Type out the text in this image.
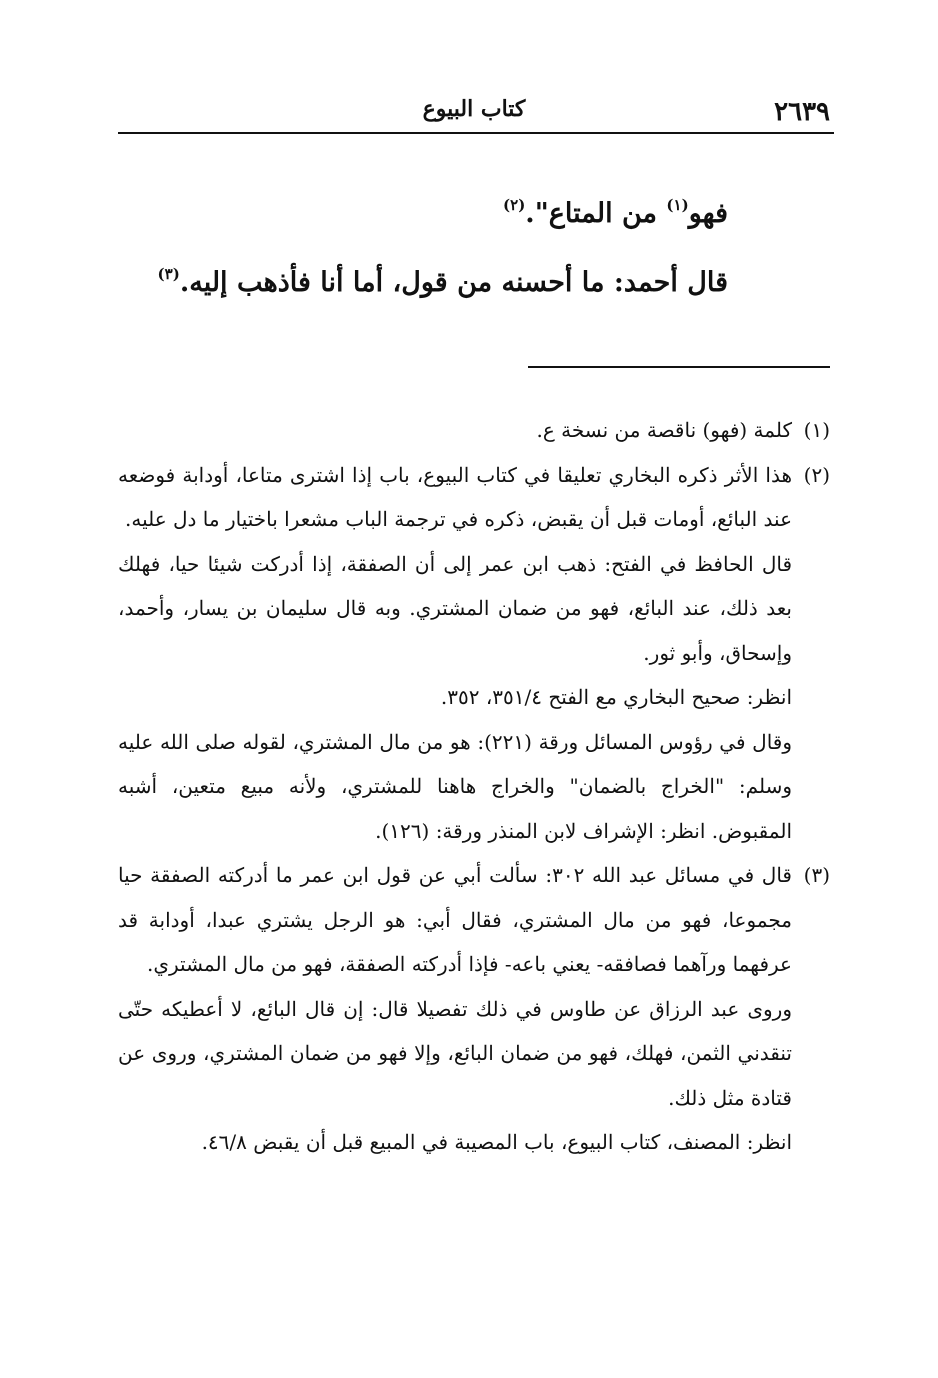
٢٦٣٩
كتاب البيوع
فهو$^{(١)}$ من المتاع".$^{(٢)}$
قال أحمد: ما أحسنه من قول، أما أنا فأذهب إليه.$^{(٣)}$
(١)

كلمة (فهو) ناقصة من نسخة ع.

(٢)

هذا الأثر ذكره البخاري تعليقا في كتاب البيوع، باب إذا اشترى متاعا، أودابة فوضعه عند البائع، أومات قبل أن يقبض، ذكره في ترجمة الباب مشعرا باختيار ما دل عليه.

قال الحافظ في الفتح: ذهب ابن عمر إلى أن الصفقة، إذا أدركت شيئا حيا، فهلك بعد ذلك، عند البائع، فهو من ضمان المشتري. وبه قال سليمان بن يسار، وأحمد، وإسحاق، وأبو ثور.

انظر: صحيح البخاري مع الفتح ٣٥١/٤، ٣٥٢.

وقال في رؤوس المسائل ورقة (٢٢١): هو من مال المشتري، لقوله صلى الله عليه وسلم: "الخراج بالضمان" والخراج هاهنا للمشتري، ولأنه مبيع متعين، أشبه المقبوض. انظر: الإشراف لابن المنذر ورقة: (١٢٦).

(٣)

قال في مسائل عبد الله ٣٠٢: سألت أبي عن قول ابن عمر ما أدركته الصفقة حيا مجموعا، فهو من مال المشتري، فقال أبي: هو الرجل يشتري عبدا، أودابة قد عرفهما ورآهما فصافقه- يعني باعه- فإذا أدركته الصفقة، فهو من مال المشتري.

وروى عبد الرزاق عن طاوس في ذلك تفصيلا قال: إن قال البائع، لا أعطيكه حتّى تنقدني الثمن، فهلك، فهو من ضمان البائع، وإلا فهو من ضمان المشتري، وروى عن قتادة مثل ذلك.

انظر: المصنف، كتاب البيوع، باب المصيبة في المبيع قبل أن يقبض ٤٦/٨.
